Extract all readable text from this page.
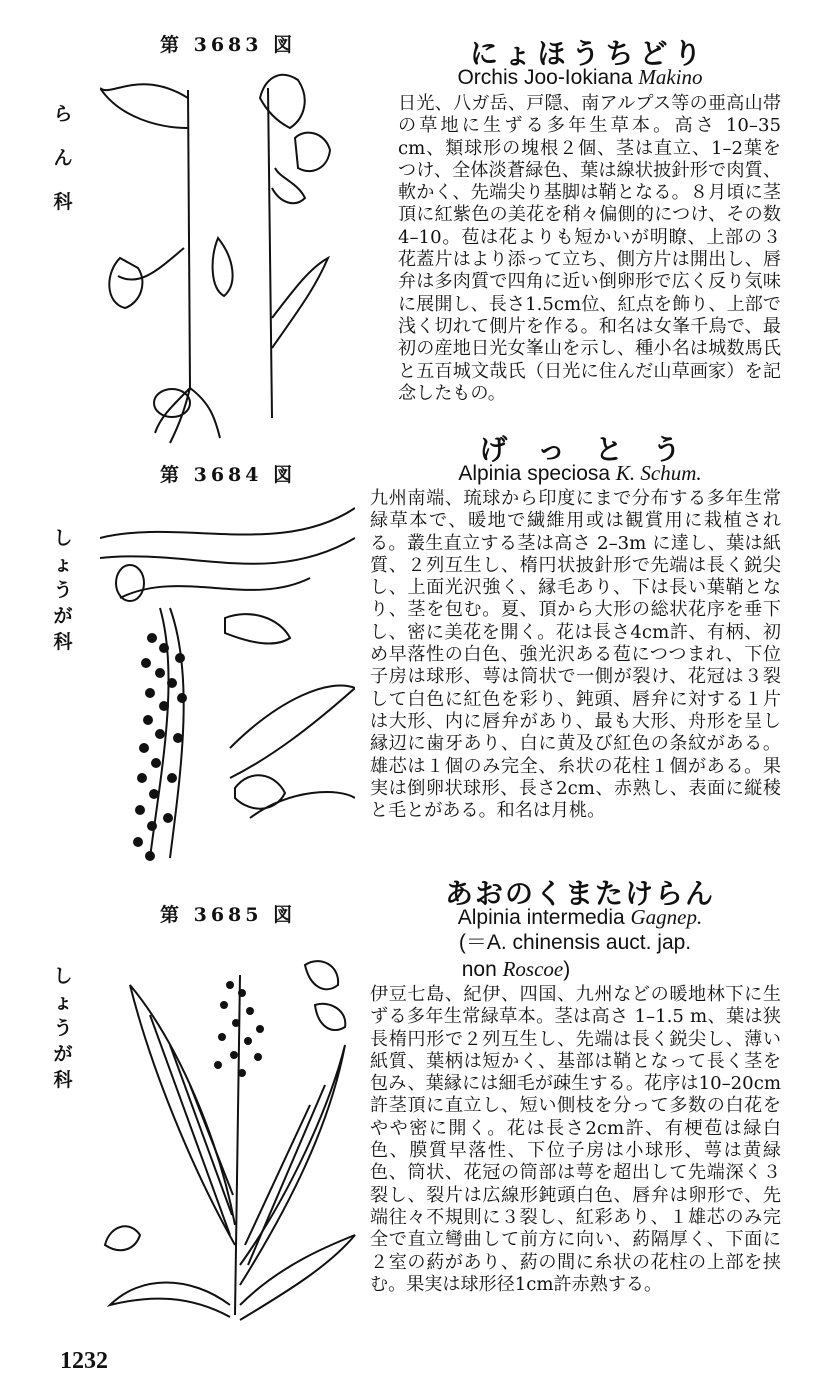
第 3683 図
らん科
にょほうちどり
Orchis Joo-Iokiana Makino
日光、八ガ岳、戸隠、南アルプス等の亜高山帯の草地に生ずる多年生草本。高さ 10–35 cm、類球形の塊根２個、茎は直立、1–2葉をつけ、全体淡蒼緑色、葉は線状披針形で肉質、軟かく、先端尖り基脚は鞘となる。８月頃に茎頂に紅紫色の美花を稍々偏側的につけ、その数4–10。苞は花よりも短かいが明瞭、上部の３花蓋片はより添って立ち、側方片は開出し、唇弁は多肉質で四角に近い倒卵形で広く反り気味に展開し、長さ1.5cm位、紅点を飾り、上部で浅く切れて側片を作る。和名は女峯千鳥で、最初の産地日光女峯山を示し、種小名は城数馬氏と五百城文哉氏（日光に住んだ山草画家）を記念したもの。
第 3684 図
しょうが科
げ っ と う
Alpinia speciosa K. Schum.
九州南端、琉球から印度にまで分布する多年生常緑草本で、暖地で繊維用或は観賞用に栽植される。叢生直立する茎は高さ 2–3m に達し、葉は紙質、２列互生し、楕円状披針形で先端は長く鋭尖し、上面光沢強く、縁毛あり、下は長い葉鞘となり、茎を包む。夏、頂から大形の総状花序を垂下し、密に美花を開く。花は長さ4cm許、有柄、初め早落性の白色、強光沢ある苞につつまれ、下位子房は球形、萼は筒状で一側が裂け、花冠は３裂して白色に紅色を彩り、鈍頭、唇弁に対する１片は大形、内に唇弁があり、最も大形、舟形を呈し縁辺に歯牙あり、白に黄及び紅色の条紋がある。雄芯は１個のみ完全、糸状の花柱１個がある。果実は倒卵状球形、長さ2cm、赤熟し、表面に縦稜と毛とがある。和名は月桃。
第 3685 図
しょうが科
あおのくまたけらん
Alpinia intermedia Gagnep.
(＝A. chinensis auct. jap.
non Roscoe)
伊豆七島、紀伊、四国、九州などの暖地林下に生ずる多年生常緑草本。茎は高さ 1–1.5 m、葉は狭長楕円形で２列互生し、先端は長く鋭尖し、薄い紙質、葉柄は短かく、基部は鞘となって長く茎を包み、葉縁には細毛が疎生する。花序は10–20cm許茎頂に直立し、短い側枝を分って多数の白花をやや密に開く。花は長さ2cm許、有梗苞は緑白色、膜質早落性、下位子房は小球形、萼は黄緑色、筒状、花冠の筒部は萼を超出して先端深く３裂し、裂片は広線形鈍頭白色、唇弁は卵形で、先端往々不規則に３裂し、紅彩あり、１雄芯のみ完全で直立彎曲して前方に向い、葯隔厚く、下面に２室の葯があり、葯の間に糸状の花柱の上部を挟む。果実は球形径1cm許赤熟する。
1232
